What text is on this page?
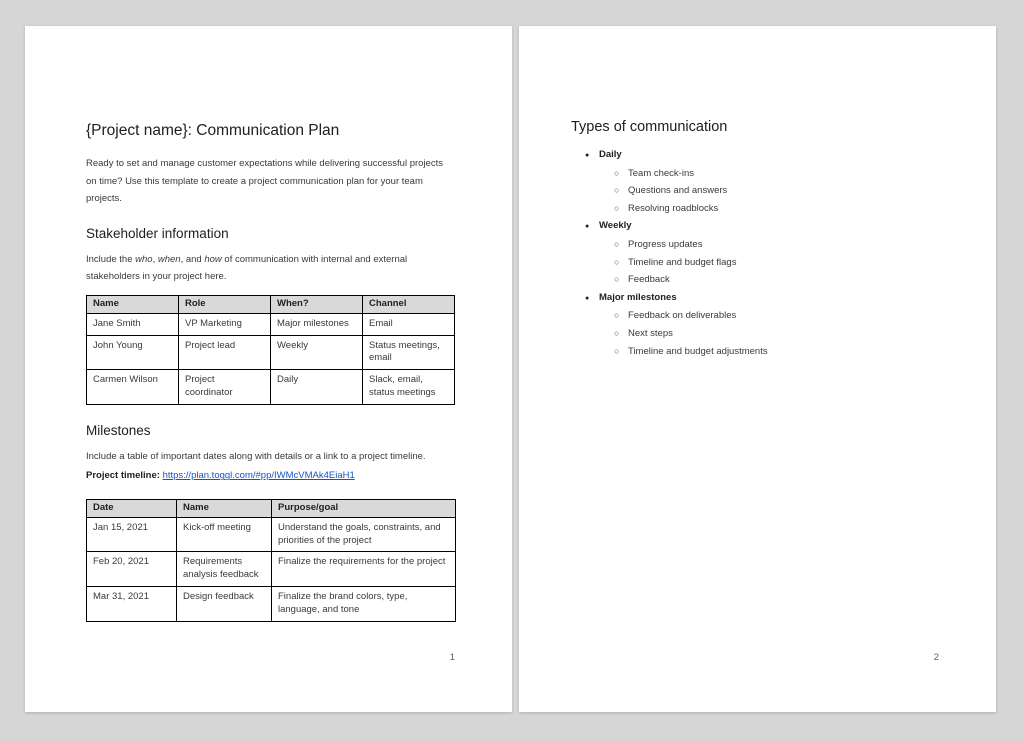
{Project name}: Communication Plan

Ready to set and manage customer expectations while delivering successful projects on time? Use this template to create a project communication plan for your team projects.

Stakeholder information

Include the who, when, and how of communication with internal and external stakeholders in your project here.

Name	Role	When?	Channel
Jane Smith	VP Marketing	Major milestones	Email
John Young	Project lead	Weekly	Status meetings, email
Carmen Wilson	Project coordinator	Daily	Slack, email, status meetings
Milestones

Include a table of important dates along with details or a link to a project timeline.

Project timeline: https://plan.toggl.com/#pp/IWMcVMAk4EiaH1

Date	Name	Purpose/goal
Jan 15, 2021	Kick-off meeting	Understand the goals, constraints, and priorities of the project
Feb 20, 2021	Requirements analysis feedback	Finalize the requirements for the project
Mar 31, 2021	Design feedback	Finalize the brand colors, type, language, and tone
1
Types of communication
●	Daily
○ Team check-ins
○ Questions and answers
○ Resolving roadblocks
●	Weekly
○ Progress updates
○ Timeline and budget flags
○ Feedback
●	Major milestones
○ Feedback on deliverables
○ Next steps
○ Timeline and budget adjustments
2
